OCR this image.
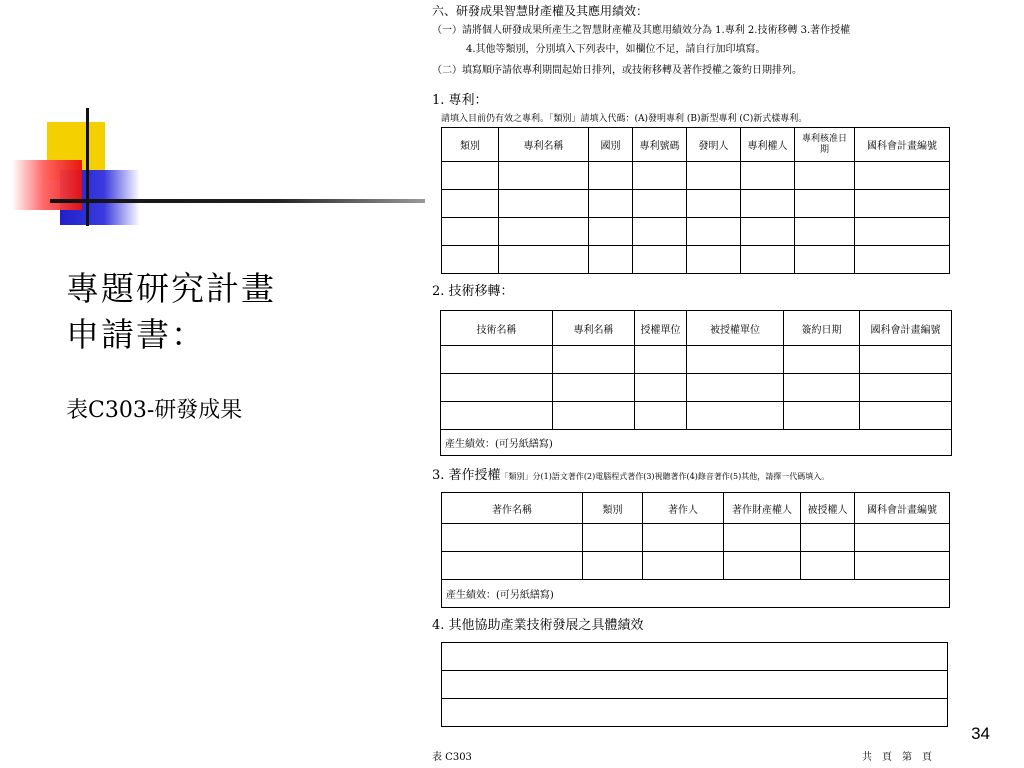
專題研究計畫
申請書：
表C303-研發成果
34
六、研發成果智慧財產權及其應用績效：
（一）請將個人研發成果所產生之智慧財產權及其應用績效分為 1.專利 2.技術移轉 3.著作授權
4.其他等類別，分別填入下列表中，如欄位不足，請自行加印填寫。
（二）填寫順序請依專利期間起始日排列，或技術移轉及著作授權之簽約日期排列。
1. 專利：
請填入目前仍有效之專利。「類別」請填入代碼：(A)發明專利 (B)新型專利 (C)新式樣專利。
類別	專利名稱	國別	專利號碼	發明人	專利權人	專利核准日　期	國科會計畫編號

2. 技術移轉：
技術名稱	專利名稱	授權單位	被授權單位	簽約日期	國科會計畫編號

產生績效：(可另紙繕寫)					
3. 著作授權「類別」分(1)語文著作(2)電腦程式著作(3)視聽著作(4)錄音著作(5)其他，請擇一代碼填入。
著作名稱	類別	著作人	著作財產權人	被授權人	國科會計畫編號

產生績效：(可另紙繕寫)					
4. 其他協助產業技術發展之具體績效

表 C303	共　頁　第　頁
